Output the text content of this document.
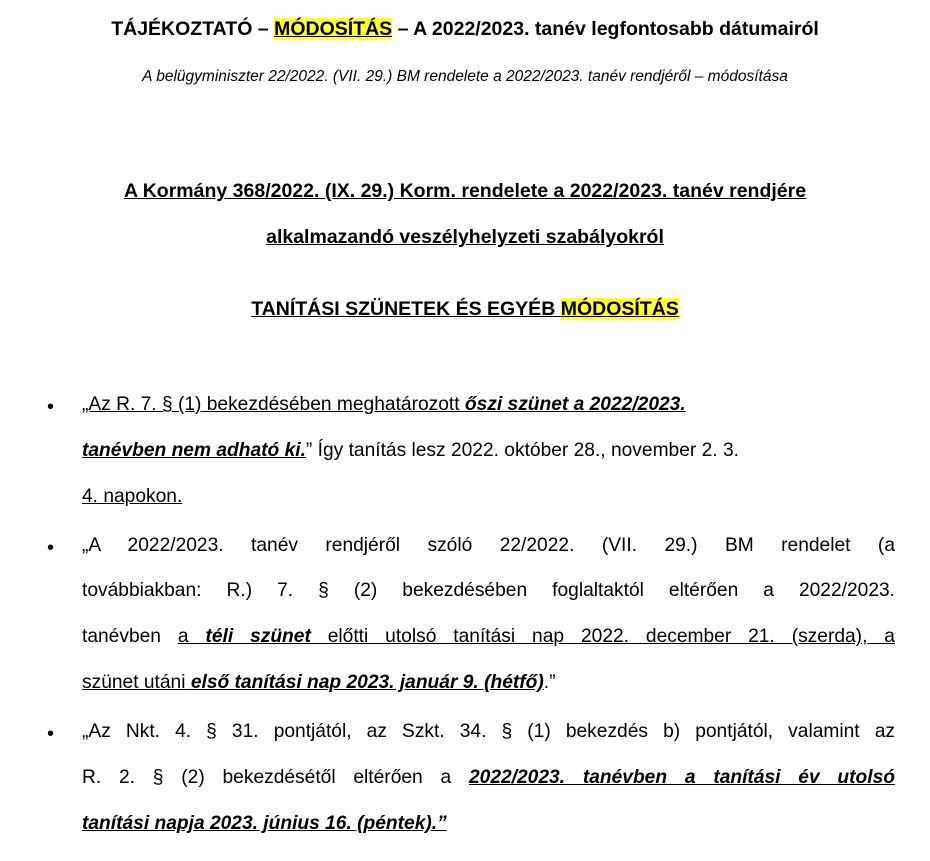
TÁJÉKOZTATÓ – MÓDOSÍTÁS – A 2022/2023. tanév legfontosabb dátumairól
A belügyminiszter 22/2022. (VII. 29.) BM rendelete a 2022/2023. tanév rendjéről – módosítása
A Kormány 368/2022. (IX. 29.) Korm. rendelete a 2022/2023. tanév rendjére
alkalmazandó veszélyhelyzeti szabályokról
TANÍTÁSI SZÜNETEK ÉS EGYÉB MÓDOSÍTÁS
• „Az R. 7. § (1) bekezdésében meghatározott őszi szünet a 2022/2023.
tanévben nem adható ki.” Így tanítás lesz 2022. október 28., november 2. 3.
4. napokon.
• „A 2022/2023. tanév rendjéről szóló 22/2022. (VII. 29.) BM rendelet (a
továbbiakban: R.) 7. § (2) bekezdésében foglaltaktól eltérően a 2022/2023.
tanévben a téli szünet előtti utolsó tanítási nap 2022. december 21. (szerda), a
szünet utáni első tanítási nap 2023. január 9. (hétfő).”
• „Az Nkt. 4. § 31. pontjától, az Szkt. 34. § (1) bekezdés b) pontjától, valamint az
R. 2. § (2) bekezdésétől eltérően a 2022/2023. tanévben a tanítási év utolsó
tanítási napja 2023. június 16. (péntek).”
